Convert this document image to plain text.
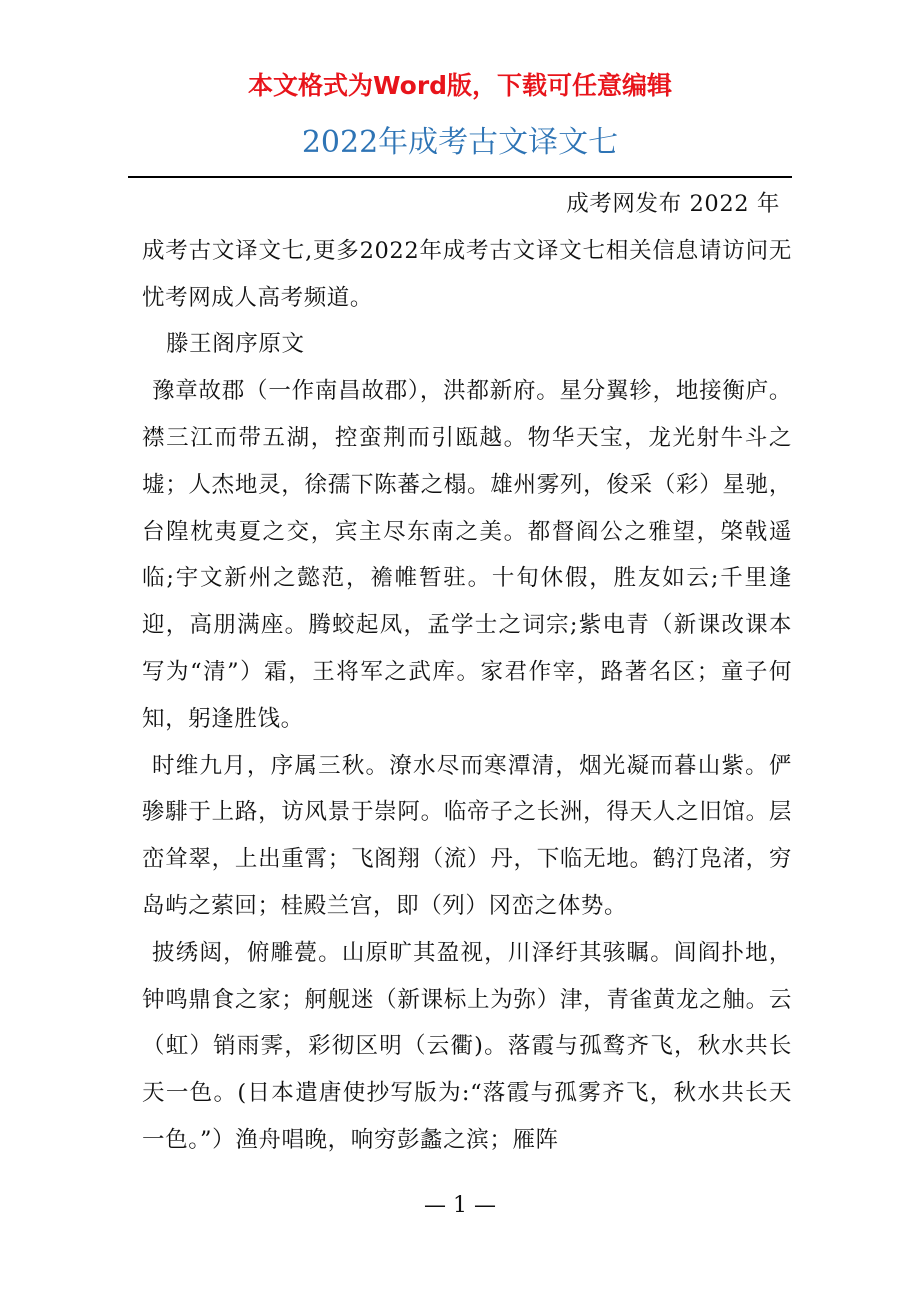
本文格式为Word版，下载可任意编辑
2022年成考古文译文七

成考网发布 2022 年

成考古文译文七,更多2022年成考古文译文七相关信息请访问无忧考网成人高考频道。

滕王阁序原文

豫章故郡（一作南昌故郡），洪都新府。星分翼轸，地接衡庐。襟三江而带五湖，控蛮荆而引瓯越。物华天宝，龙光射牛斗之墟；人杰地灵，徐孺下陈蕃之榻。雄州雾列，俊采（彩）星驰，台隍枕夷夏之交，宾主尽东南之美。都督阎公之雅望，棨戟遥临;宇文新州之懿范，襜帷暂驻。十旬休假，胜友如云;千里逢迎，高朋满座。腾蛟起凤，孟学士之词宗;紫电青（新课改课本写为“清”）霜，王将军之武库。家君作宰，路著名区；童子何知，躬逢胜饯。

时维九月，序属三秋。潦水尽而寒潭清，烟光凝而暮山紫。俨骖騑于上路，访风景于崇阿。临帝子之长洲，得天人之旧馆。层峦耸翠，上出重霄；飞阁翔（流）丹，下临无地。鹤汀凫渚，穷岛屿之萦回；桂殿兰宫，即（列）冈峦之体势。

披绣闼，俯雕甍。山原旷其盈视，川泽纡其骇瞩。闾阎扑地，钟鸣鼎食之家；舸舰迷（新课标上为弥）津，青雀黄龙之舳。云（虹）销雨霁，彩彻区明（云衢)。落霞与孤鹜齐飞，秋水共长天一色。(日本遣唐使抄写版为:“落霞与孤雾齐飞，秋水共长天一色。”）渔舟唱晚，响穷彭蠡之滨；雁阵

— 1 —
